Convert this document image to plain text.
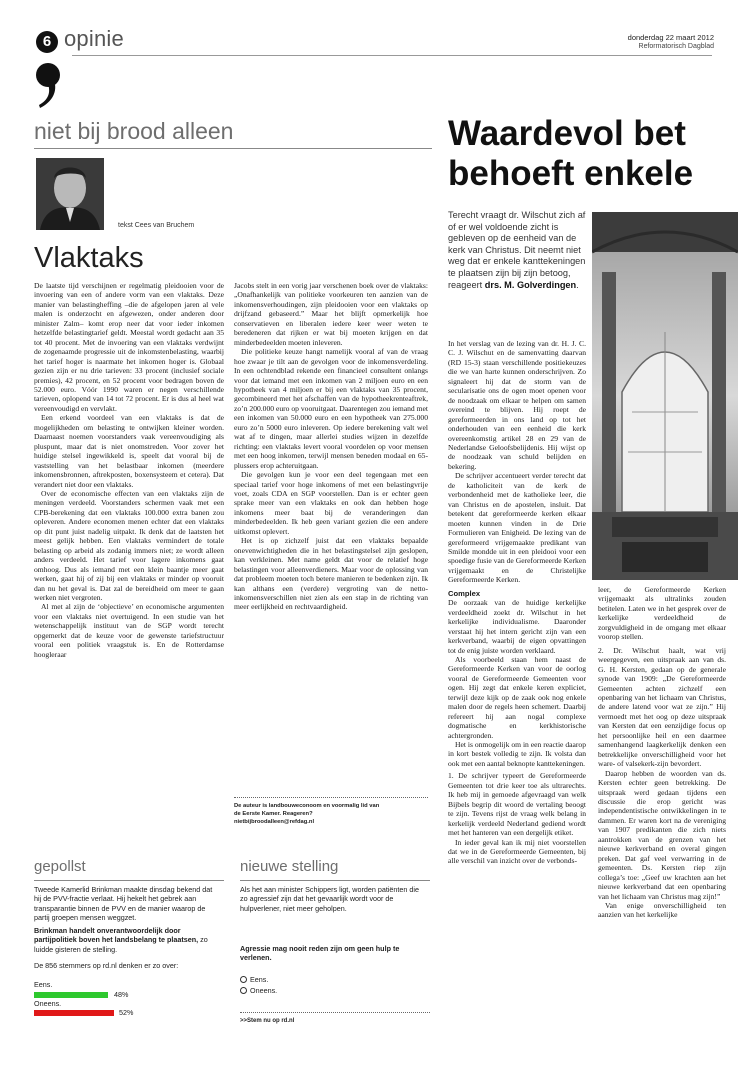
6 opinie	donderdag 22 maart 2012
Reformatorisch Dagblad
niet bij brood alleen
tekst Cees van Bruchem
Vlaktaks

De laatste tijd verschijnen er regelmatig pleidooien voor de invoering van een of andere vorm van een vlaktaks. Deze manier van belastingheffing –die de afgelopen jaren al vele malen is onderzocht en afgewezen, onder anderen door minister Zalm– komt erop neer dat voor ieder inkomen hetzelfde belastingtarief geldt. Meestal wordt gedacht aan 35 tot 40 procent. Met de invoering van een vlaktaks verdwijnt de zogenaamde progressie uit de inkomstenbelasting, waarbij het tarief hoger is naarmate het inkomen hoger is. Globaal gezien zijn er nu drie tarieven: 33 procent (inclusief sociale premies), 42 procent, en 52 procent voor bedragen boven de 52.000 euro. Vóór 1990 waren er negen verschillende tarieven, oplopend van 14 tot 72 procent. Er is dus al heel wat vereenvoudigd en vervlakt.

Een erkend voordeel van een vlaktaks is dat de mogelijkheden om belasting te ontwijken kleiner worden. Daarnaast noemen voorstanders vaak vereenvoudiging als pluspunt, maar dat is niet onomstreden. Voor zover het huidige stelsel ingewikkeld is, speelt dat vooral bij de vaststelling van het belastbaar inkomen (meerdere inkomensbronnen, aftrekposten, boxensysteem et cetera). Dat verandert niet door een vlaktaks.

Over de economische effecten van een vlaktaks zijn de meningen verdeeld. Voorstanders schermen vaak met een CPB-berekening dat een vlaktaks 100.000 extra banen zou opleveren. Andere economen menen echter dat een vlaktaks op dit punt juist nadelig uitpakt. Ik denk dat de laatsten het meest gelijk hebben. Een vlaktaks vermindert de totale belasting op arbeid als zodanig immers niet; ze wordt alleen anders verdeeld. Het tarief voor lagere inkomens gaat omhoog. Dus als iemand met een klein baantje meer gaat werken, gaat hij of zij bij een vlaktaks er minder op vooruit dan nu het geval is. Dat zal de bereidheid om meer te gaan werken niet vergroten.

Al met al zijn de ‘objectieve’ en economische argumenten voor een vlaktaks niet overtuigend. In een studie van het wetenschappelijk instituut van de SGP wordt terecht opgemerkt dat de keuze voor de gewenste tariefstructuur vooral een politiek vraagstuk is. En de Rotterdamse hoogleraar

Jacobs stelt in een vorig jaar verschenen boek over de vlaktaks: „Onafhankelijk van politieke voorkeuren ten aanzien van de inkomensverhoudingen, zijn pleidooien voor een vlaktaks op drijfzand gebaseerd.” Maar het blijft opmerkelijk hoe conservatieven en liberalen iedere keer weer weten te beredeneren dat rijken er wat bij moeten krijgen en dat minderbedeelden moeten inleveren.

Die politieke keuze hangt namelijk vooral af van de vraag hoe zwaar je tilt aan de gevolgen voor de inkomensverdeling. In een ochtendblad rekende een financieel consultent onlangs voor dat iemand met een inkomen van 2 miljoen euro en een hypotheek van 4 miljoen er bij een vlaktaks van 35 procent, gecombineerd met het afschaffen van de hypotheekrenteaftrek, zo’n 200.000 euro op vooruitgaat. Daarentegen zou iemand met een inkomen van 50.000 euro en een hypotheek van 275.000 euro zo’n 5000 euro inleveren. Op iedere berekening valt wel wat af te dingen, maar allerlei studies wijzen in dezelfde richting: een vlaktaks levert vooral voordelen op voor mensen met een hoog inkomen, terwijl mensen beneden modaal en 65-plussers erop achteruitgaan.

Die gevolgen kun je voor een deel tegengaan met een speciaal tarief voor hoge inkomens of met een belastingvrije voet, zoals CDA en SGP voorstellen. Dan is er echter geen sprake meer van een vlaktaks en ook dan hebben hoge inkomens meer baat bij de veranderingen dan minderbedeelden. Ik heb geen variant gezien die een andere uitkomst oplevert.

Het is op zichzelf juist dat een vlaktaks bepaalde onevenwichtigheden die in het belastingstelsel zijn geslopen, kan verkleinen. Met name geldt dat voor de relatief hoge belastingen voor alleenverdieners. Maar voor de oplossing van dat probleem moeten toch betere manieren te bedenken zijn. Ik kan althans een (verdere) vergroting van de netto-inkomensverschillen niet zien als een stap in de richting van meer eerlijkheid en rechtvaardigheid.

De auteur is landbouweconoom en voormalig lid van de Eerste Kamer. Reageren? nietbijbroodalleen@refdag.nl
gepollst
Tweede Kamerlid Brinkman maakte dinsdag bekend dat hij de PVV-fractie verlaat. Hij hekelt het gebrek aan transparantie binnen de PVV en de manier waarop de partij groepen mensen weggzet.
Brinkman handelt onverantwoordelijk door partijpolitiek boven het landsbelang te plaatsen, zo luidde gisteren de stelling.
De 856 stemmers op rd.nl denken er zo over:
Eens.
48%
Oneens.
52%
nieuwe stelling
Als het aan minister Schippers ligt, worden patiënten die zo agressief zijn dat het gevaarlijk wordt voor de hulpverlener, niet meer geholpen.
Agressie mag nooit reden zijn om geen hulp te verlenen.
Eens.
Oneens.
>>Stem nu op rd.nl
Waardevol bet behoeft enkele
Terecht vraagt dr. Wilschut zich af of er wel voldoende zicht is gebleven op de eenheid van de kerk van Christus. Dit neemt niet weg dat er enkele kanttekeningen te plaatsen zijn bij zijn betoog, reageert drs. M. Golverdingen.

In het verslag van de lezing van dr. H. J. C. C. J. Wilschut en de samenvatting daarvan (RD 15-3) staan verschillende positiekeuzes die we van harte kunnen onderschrijven. Zo signaleert hij dat de storm van de secularisatie ons de ogen moet openen voor de noodzaak om elkaar te helpen om samen overeind te blijven. Hij roept de gereformeerden in ons land op tot het onderhouden van een eenheid die kerk overeenkomstig artikel 28 en 29 van de Nederlandse Geloofsbelijdenis. Hij wijst op de noodzaak van schuld belijden en bekering.

De schrijver accentueert verder terecht dat de katholiciteit van de kerk de verbondenheid met de katholieke leer, die van Christus en de apostelen, insluit. Dat betekent dat gereformeerde kerken elkaar moeten kunnen vinden in de Drie Formulieren van Enigheid. De lezing van de gereformeerd vrijgemaakte predikant van Smilde mondde uit in een pleidooi voor een spoedige fusie van de Gereformeerde Kerken vrijgemaakt en de Christelijke Gereformeerde Kerken.

Complex

De oorzaak van de huidige kerkelijke verdeeldheid zoekt dr. Wilschut in het kerkelijke individualisme. Daaronder verstaat hij het intern gericht zijn van een kerkverband, waarbij de eigen opvattingen tot de enig juiste worden verklaard.

Als voorbeeld staan hem naast de Gereformeerde Kerken van voor de oorlog vooral de Gereformeerde Gemeenten voor ogen. Hij zegt dat enkele keren expliciet, terwijl deze kijk op de zaak ook nog enkele malen door de regels heen schemert. Daarbij refereert hij aan nogal complexe dogmatische en kerkhistorische achtergronden.

Het is onmogelijk om in een reactie daarop in kort bestek volledig te zijn. Ik volsta dan ook met een aantal beknopte kanttekeningen.

1. De schrijver typeert de Gereformeerde Gemeenten tot drie keer toe als ultrarechts. Ik heb mij in gemoede afgevraagd van welk Bijbels begrip dit woord de vertaling beoogt te zijn. Tevens rijst de vraag welk belang in kerkelijk verdeeld Nederland gediend wordt met het hanteren van een dergelijk etiket.

In ieder geval kan ik mij niet voorstellen dat we in de Gereformeerde Gemeenten, bij alle verschil van inzicht over de verbonds-

leer, de Gereformeerde Kerken vrijgemaakt als ultralinks zouden betitelen. Laten we in het gesprek over de kerkelijke verdeeldheid de zorgvuldigheid in de omgang met elkaar voorop stellen.

2. Dr. Wilschut haalt, wat vrij weergegeven, een uitspraak aan van ds. G. H. Kersten, gedaan op de generale synode van 1909: „De Gereformeerde Gemeenten achten zichzelf een openbaring van het lichaam van Christus, de andere latend voor wat ze zijn.” Hij vermoedt met het oog op deze uitspraak van Kersten dat een eenzijdige focus op het persoonlijke heil en een daarmee samenhangend laagkerkelijk denken een betrekkelijke onverschilligheid voor het ware- of valsekerk-zijn bevordert.

Daarop hebben de woorden van ds. Kersten echter geen betrekking. De uitspraak werd gedaan tijdens een discussie die erop gericht was independentistische ontwikkelingen in te dammen. Er waren kort na de vereniging van 1907 predikanten die zich niets aantrokken van de grenzen van het nieuwe kerkverband en overal gingen preken. Dat gaf veel verwarring in de gemeenten. Ds. Kersten riep zijn collega’s toe: „Geef uw krachten aan het nieuwe kerkverband dat een openbaring van het lichaam van Christus mag zijn!”

Van enige onverschilligheid ten aanzien van het kerkelijke
